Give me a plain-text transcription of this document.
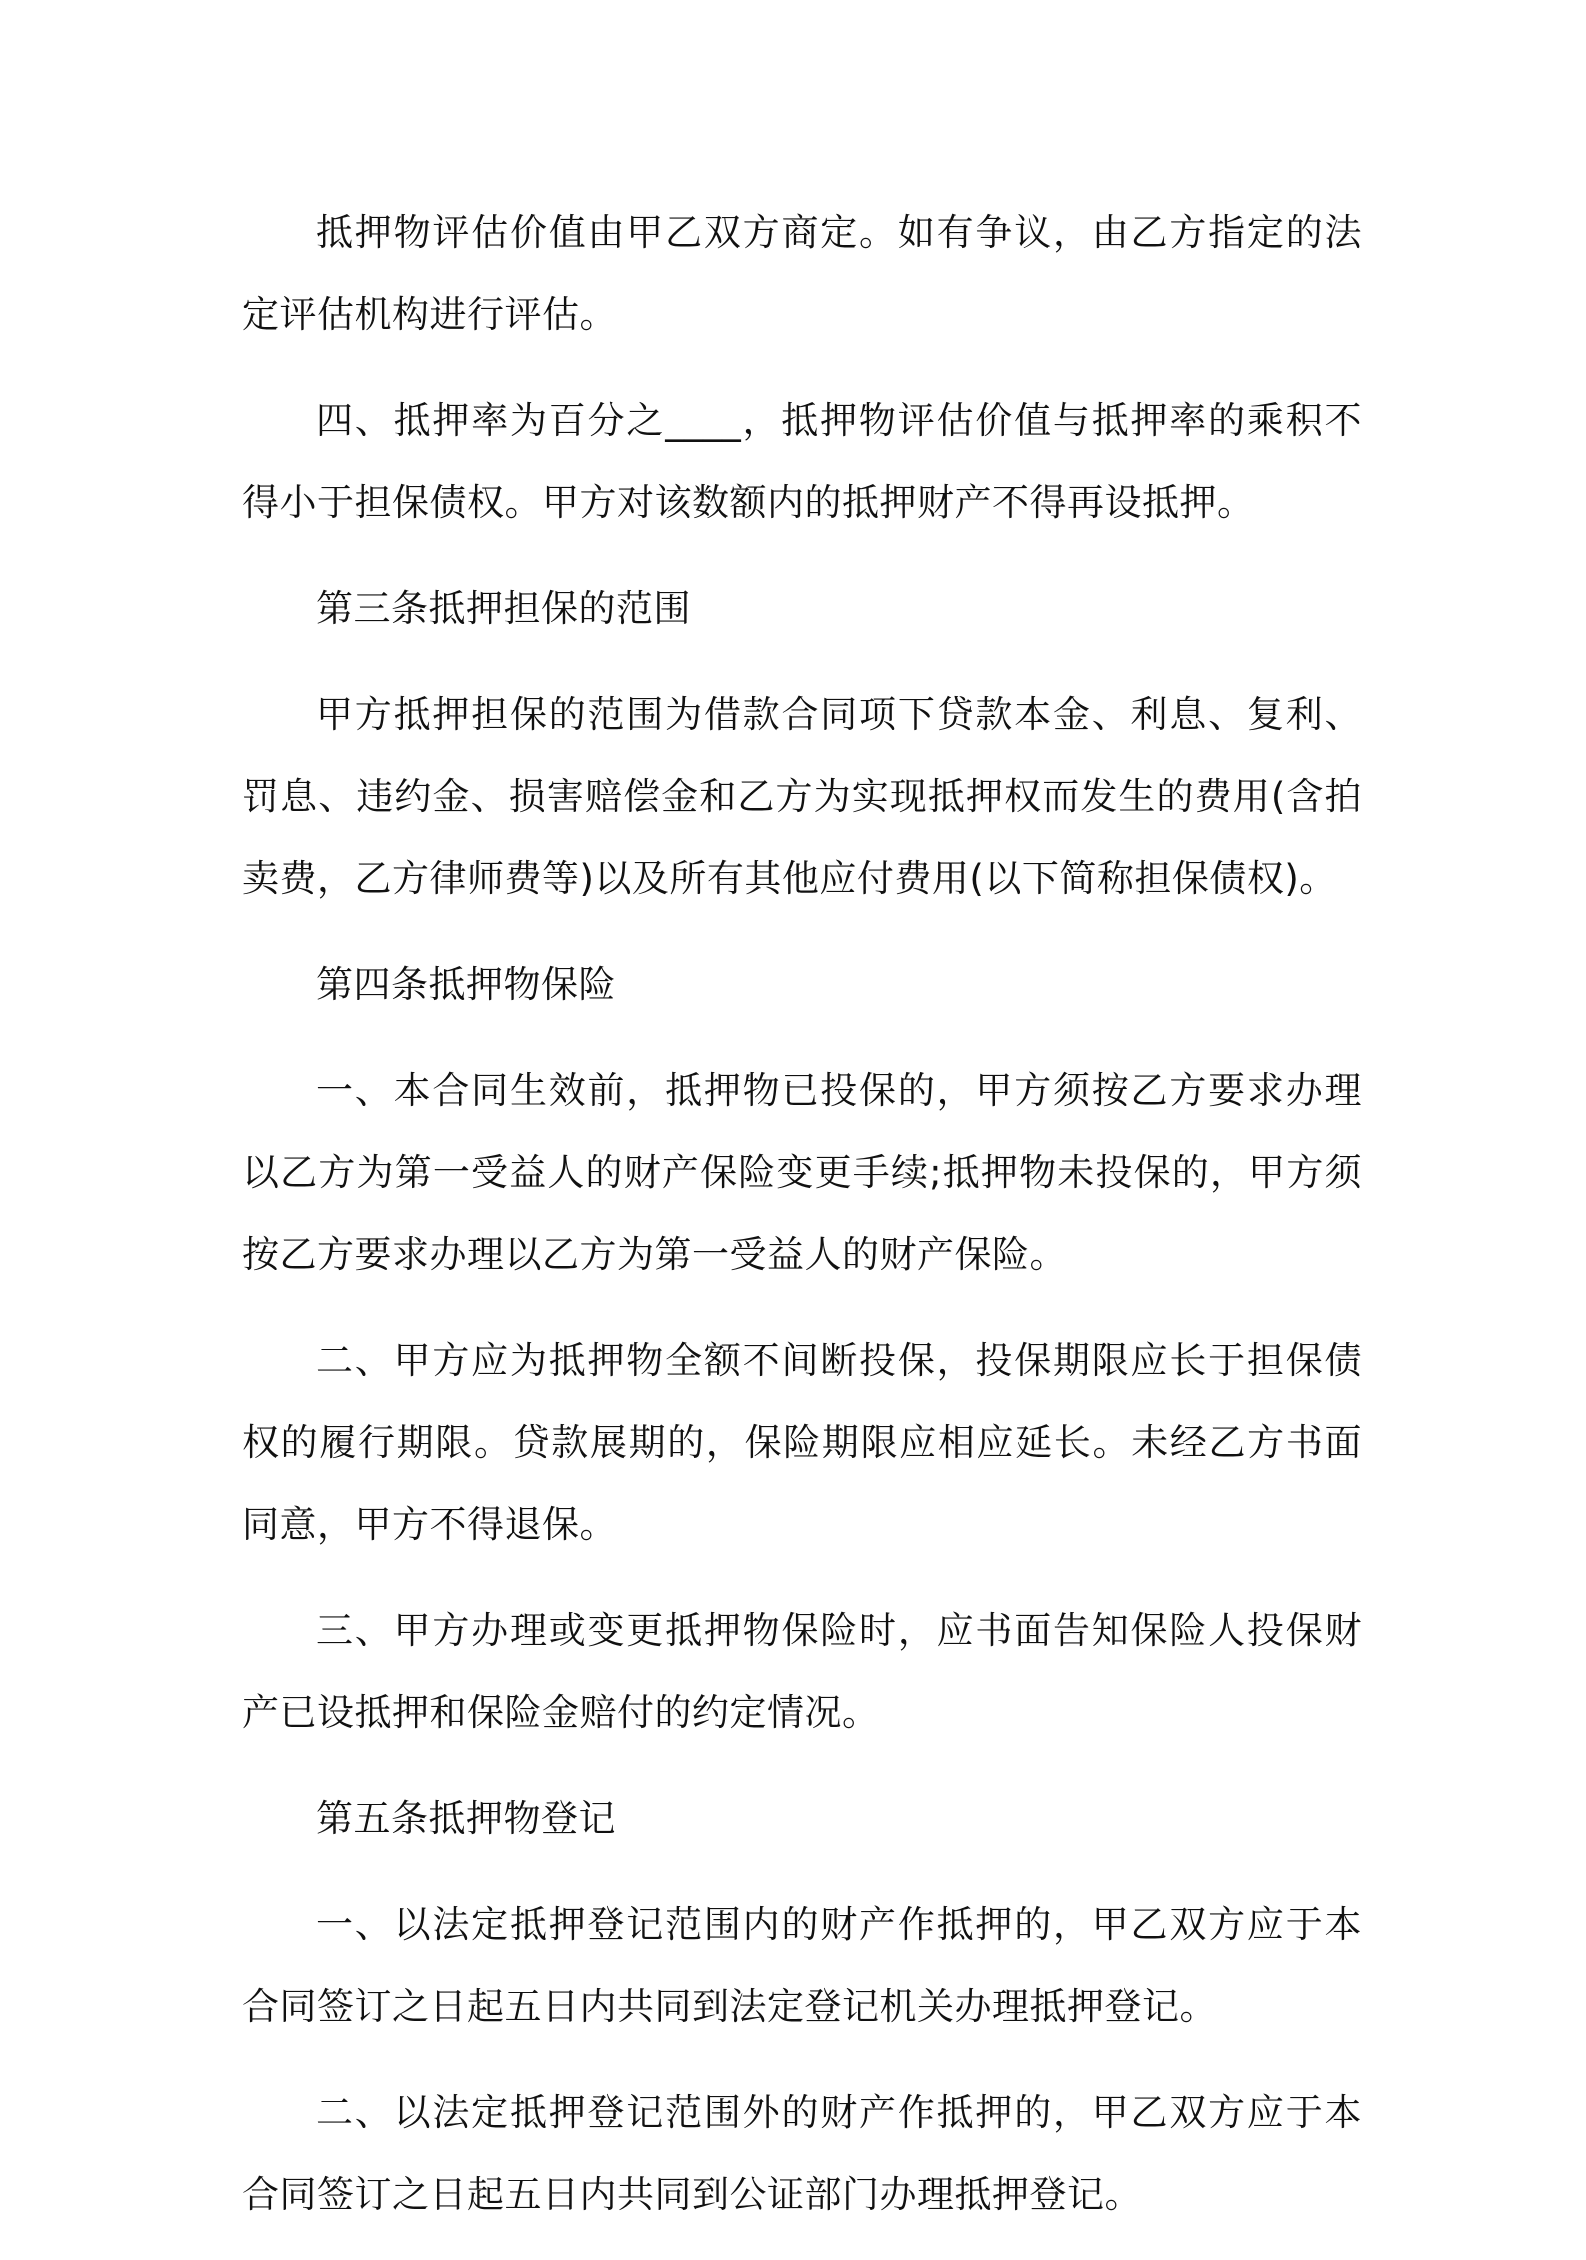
抵押物评估价值由甲乙双方商定。如有争议，由乙方指定的法定评估机构进行评估。

四、抵押率为百分之____，抵押物评估价值与抵押率的乘积不得小于担保债权。甲方对该数额内的抵押财产不得再设抵押。

第三条抵押担保的范围

甲方抵押担保的范围为借款合同项下贷款本金、利息、复利、罚息、违约金、损害赔偿金和乙方为实现抵押权而发生的费用(含拍卖费，乙方律师费等)以及所有其他应付费用(以下简称担保债权)。

第四条抵押物保险

一、本合同生效前，抵押物已投保的，甲方须按乙方要求办理以乙方为第一受益人的财产保险变更手续;抵押物未投保的，甲方须按乙方要求办理以乙方为第一受益人的财产保险。

二、甲方应为抵押物全额不间断投保，投保期限应长于担保债权的履行期限。贷款展期的，保险期限应相应延长。未经乙方书面同意，甲方不得退保。

三、甲方办理或变更抵押物保险时，应书面告知保险人投保财产已设抵押和保险金赔付的约定情况。

第五条抵押物登记

一、以法定抵押登记范围内的财产作抵押的，甲乙双方应于本合同签订之日起五日内共同到法定登记机关办理抵押登记。

二、以法定抵押登记范围外的财产作抵押的，甲乙双方应于本合同签订之日起五日内共同到公证部门办理抵押登记。
